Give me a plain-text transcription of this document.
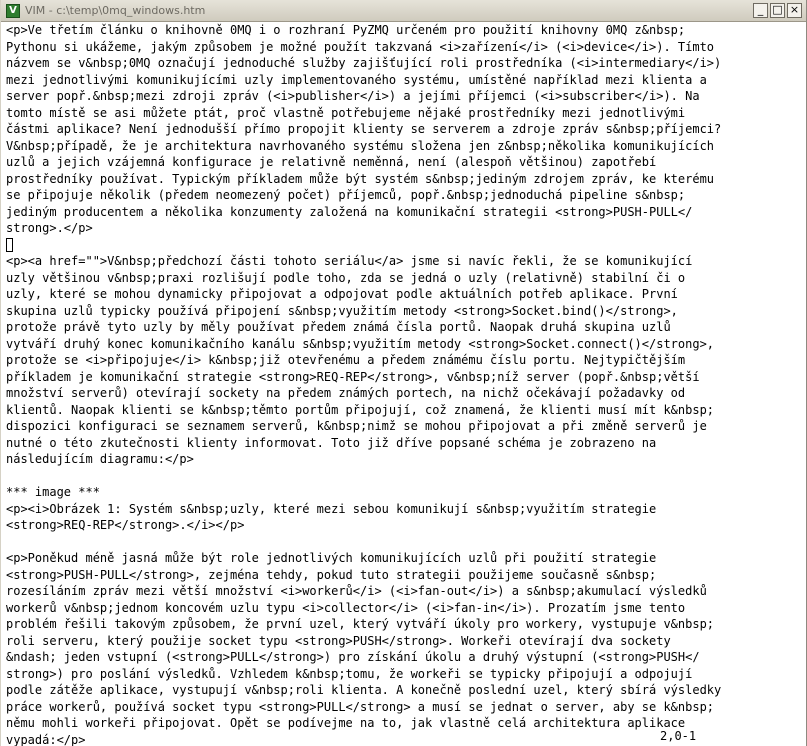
V VIM - c:\temp\0mq_windows.htm	_ □ ×
<p>Ve třetím článku o knihovně 0MQ i o rozhraní PyZMQ určeném pro použití knihovny 0MQ z&nbsp;
Pythonu si ukážeme, jakým způsobem je možné použít takzvaná <i>zařízení</i> (<i>device</i>). Tímto
názvem se v&nbsp;0MQ označují jednoduché služby zajišťující roli prostředníka (<i>intermediary</i>)
mezi jednotlivými komunikujícími uzly implementovaného systému, umístěné například mezi klienta a
server popř.&nbsp;mezi zdroji zpráv (<i>publisher</i>) a jejími příjemci (<i>subscriber</i>). Na
tomto místě se asi můžete ptát, proč vlastně potřebujeme nějaké prostředníky mezi jednotlivými
částmi aplikace? Není jednodušší přímo propojit klienty se serverem a zdroje zpráv s&nbsp;příjemci?
V&nbsp;případě, že je architektura navrhovaného systému složena jen z&nbsp;několika komunikujících
uzlů a jejich vzájemná konfigurace je relativně neměnná, není (alespoň většinou) zapotřebí
prostředníky používat. Typickým příkladem může být systém s&nbsp;jediným zdrojem zpráv, ke kterému
se připojuje několik (předem neomezený počet) příjemců, popř.&nbsp;jednoduchá pipeline s&nbsp;
jediným producentem a několika konzumenty založená na komunikační strategii <strong>PUSH-PULL</
strong>.</p>
<p><a href="">V&nbsp;předchozí části tohoto seriálu</a> jsme si navíc řekli, že se komunikující
uzly většinou v&nbsp;praxi rozlišují podle toho, zda se jedná o uzly (relativně) stabilní či o
uzly, které se mohou dynamicky připojovat a odpojovat podle aktuálních potřeb aplikace. První
skupina uzlů typicky používá připojení s&nbsp;využitím metody <strong>Socket.bind()</strong>,
protože právě tyto uzly by měly používat předem známá čísla portů. Naopak druhá skupina uzlů
vytváří druhý konec komunikačního kanálu s&nbsp;využitím metody <strong>Socket.connect()</strong>,
protože se <i>připojuje</i> k&nbsp;již otevřenému a předem známému číslu portu. Nejtypičtějším
příkladem je komunikační strategie <strong>REQ-REP</strong>, v&nbsp;níž server (popř.&nbsp;větší
množství serverů) otevírají sockety na předem známých portech, na nichž očekávají požadavky od
klientů. Naopak klienti se k&nbsp;těmto portům připojují, což znamená, že klienti musí mít k&nbsp;
dispozici konfiguraci se seznamem serverů, k&nbsp;nimž se mohou připojovat a při změně serverů je
nutné o této zkutečnosti klienty informovat. Toto již dříve popsané schéma je zobrazeno na
následujícím diagramu:</p>

*** image ***
<p><i>Obrázek 1: Systém s&nbsp;uzly, které mezi sebou komunikují s&nbsp;využitím strategie
<strong>REQ-REP</strong>.</i></p>

<p>Poněkud méně jasná může být role jednotlivých komunikujících uzlů při použití strategie
<strong>PUSH-PULL</strong>, zejména tehdy, pokud tuto strategii použijeme současně s&nbsp;
rozesíláním zpráv mezi větší množství <i>workerů</i> (<i>fan-out</i>) a s&nbsp;akumulací výsledků
workerů v&nbsp;jednom koncovém uzlu typu <i>collector</i> (<i>fan-in</i>). Prozatím jsme tento
problém řešili takovým způsobem, že první uzel, který vytváří úkoly pro workery, vystupuje v&nbsp;
roli serveru, který použije socket typu <strong>PUSH</strong>. Workeři otevírají dva sockety
&ndash; jeden vstupní (<strong>PULL</strong>) pro získání úkolu a druhý výstupní (<strong>PUSH</
strong>) pro poslání výsledků. Vzhledem k&nbsp;tomu, že workeři se typicky připojují a odpojují
podle zátěže aplikace, vystupují v&nbsp;roli klienta. A konečně poslední uzel, který sbírá výsledky
práce workerů, používá socket typu <strong>PULL</strong> a musí se jednat o server, aby se k&nbsp;
němu mohli workeři připojovat. Opět se podívejme na to, jak vlastně celá architektura aplikace
vypadá:</p>	2,0-1
